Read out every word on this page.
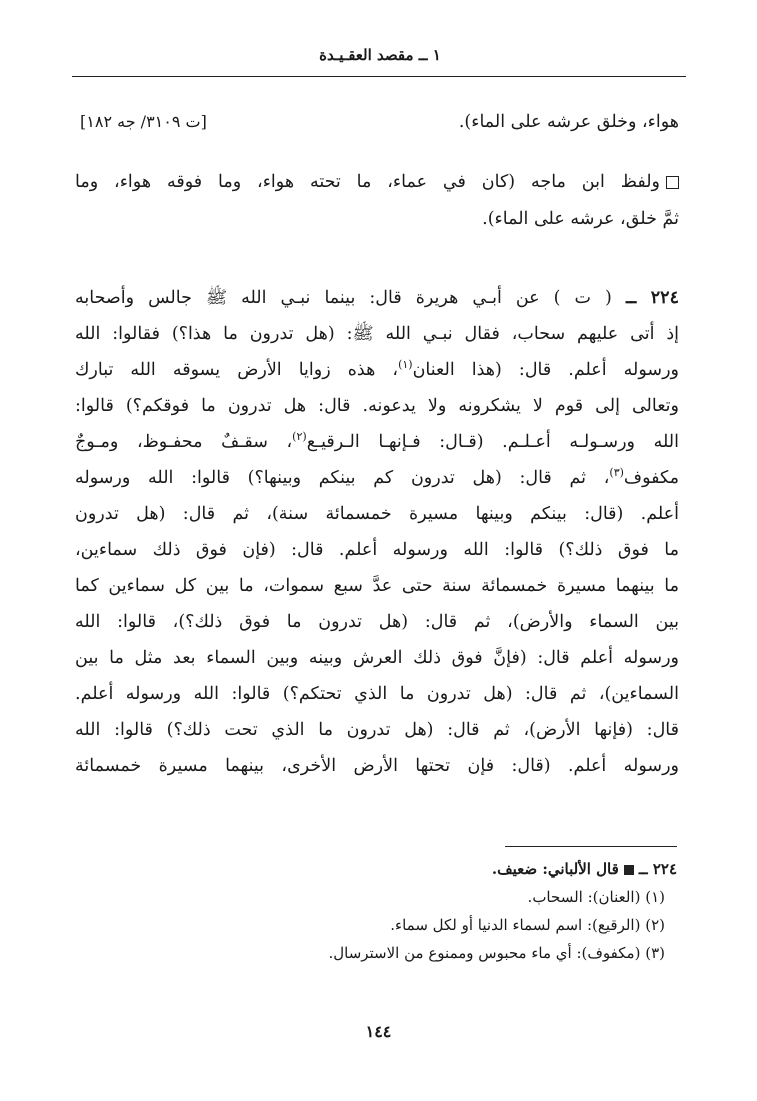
١ ــ مقصد العقـيـدة
هواء، وخلق عرشه على الماء).
[ت ٣١٠٩/ جه ١٨٢]
ولفظ ابن ماجه (كان في عماء، ما تحته هواء، وما فوقه هواء، وما
ثمَّ خلق، عرشه على الماء).
٢٢٤ ــ ( ت ) عن أبـي هريرة قال: بينما نبـي الله ﷺ جالس وأصحابه
إذ أتى عليهم سحاب، فقال نبـي الله ﷺ: (هل تدرون ما هذا؟) فقالوا: الله
ورسوله أعلم. قال: (هذا العنان$^{(١)}$، هذه زوايا الأرض يسوقه الله تبارك
وتعالى إلى قوم لا يشكرونه ولا يدعونه. قال: هل تدرون ما فوقكم؟) قالوا:
الله ورسـولـه أعـلـم. (قـال: فـإنهـا الـرقيـع$^{(٢)}$، سقـفٌ محفـوظ، ومـوجٌ
مكفوف$^{(٣)}$، ثم قال: (هل تدرون كم بينكم وبينها؟) قالوا: الله ورسوله
أعلم. (قال: بينكم وبينها مسيرة خمسمائة سنة)، ثم قال: (هل تدرون
ما فوق ذلك؟) قالوا: الله ورسوله أعلم. قال: (فإن فوق ذلك سماءين،
ما بينهما مسيرة خمسمائة سنة حتى عدَّ سبع سموات، ما بين كل سماءين كما
بين السماء والأرض)، ثم قال: (هل تدرون ما فوق ذلك؟)، قالوا: الله
ورسوله أعلم قال: (فإنَّ فوق ذلك العرش وبينه وبين السماء بعد مثل ما بين
السماءين)، ثم قال: (هل تدرون ما الذي تحتكم؟) قالوا: الله ورسوله أعلم.
قال: (فإنها الأرض)، ثم قال: (هل تدرون ما الذي تحت ذلك؟) قالوا: الله
ورسوله أعلم. (قال: فإن تحتها الأرض الأخرى، بينهما مسيرة خمسمائة
٢٢٤ ــقال الألباني: ضعيف.
(١) (العنان): السحاب.
(٢) (الرقيع): اسم لسماء الدنيا أو لكل سماء.
(٣) (مكفوف): أي ماء محبوس وممنوع من الاسترسال.
١٤٤
